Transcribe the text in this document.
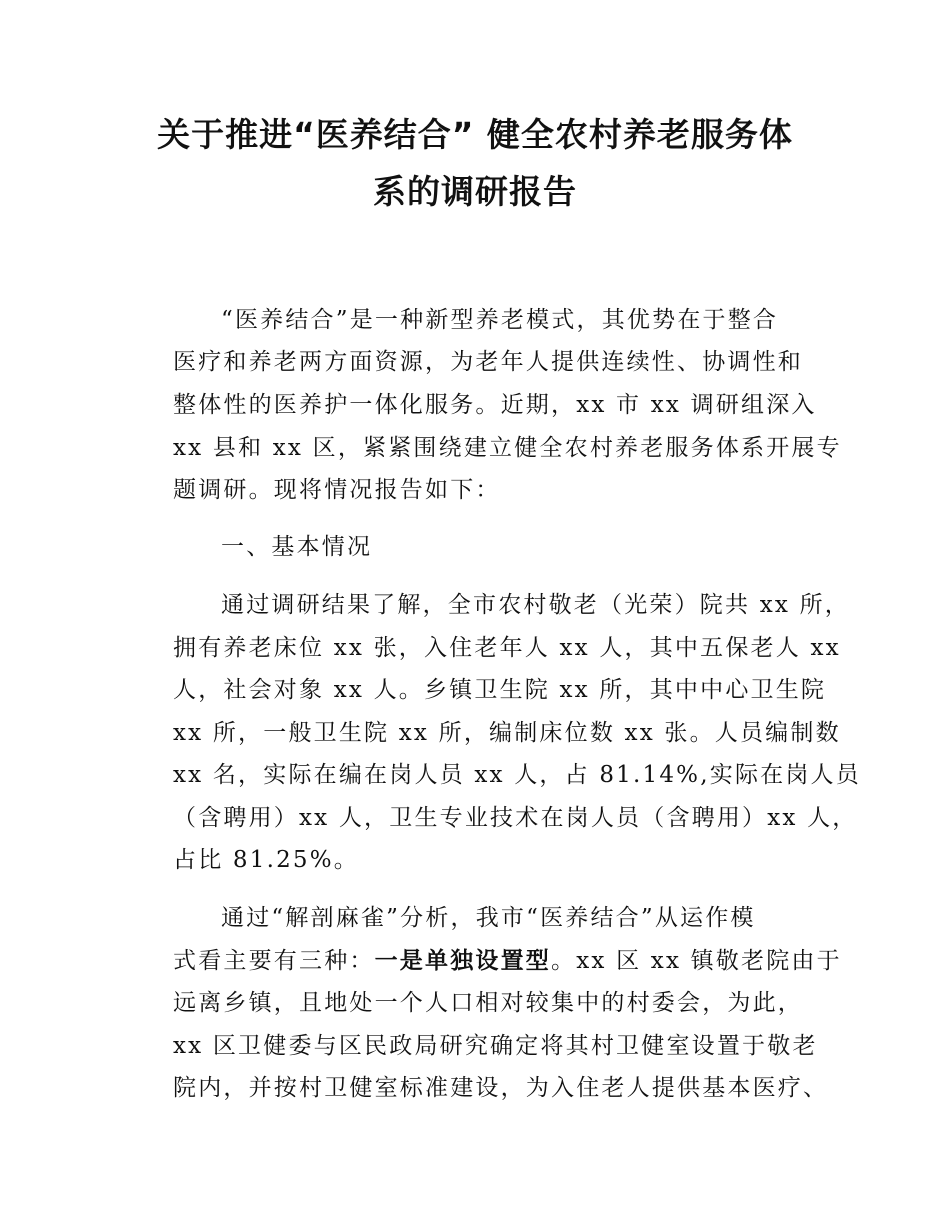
关于推进“医养结合” 健全农村养老服务体
系的调研报告
“医养结合”是一种新型养老模式，其优势在于整合
医疗和养老两方面资源，为老年人提供连续性、协调性和
整体性的医养护一体化服务。近期，xx 市 xx 调研组深入
xx 县和 xx 区，紧紧围绕建立健全农村养老服务体系开展专
题调研。现将情况报告如下：
一、基本情况
通过调研结果了解，全市农村敬老（光荣）院共 xx 所，
拥有养老床位 xx 张，入住老年人 xx 人，其中五保老人 xx
人，社会对象 xx 人。乡镇卫生院 xx 所，其中中心卫生院
xx 所，一般卫生院 xx 所，编制床位数 xx 张。人员编制数
xx 名，实际在编在岗人员 xx 人，占 81.14%,实际在岗人员
（含聘用）xx 人，卫生专业技术在岗人员（含聘用）xx 人，
占比 81.25%。
通过“解剖麻雀”分析，我市“医养结合”从运作模
式看主要有三种：一是单独设置型。xx 区 xx 镇敬老院由于
远离乡镇，且地处一个人口相对较集中的村委会，为此，
xx 区卫健委与区民政局研究确定将其村卫健室设置于敬老
院内，并按村卫健室标准建设，为入住老人提供基本医疗、
